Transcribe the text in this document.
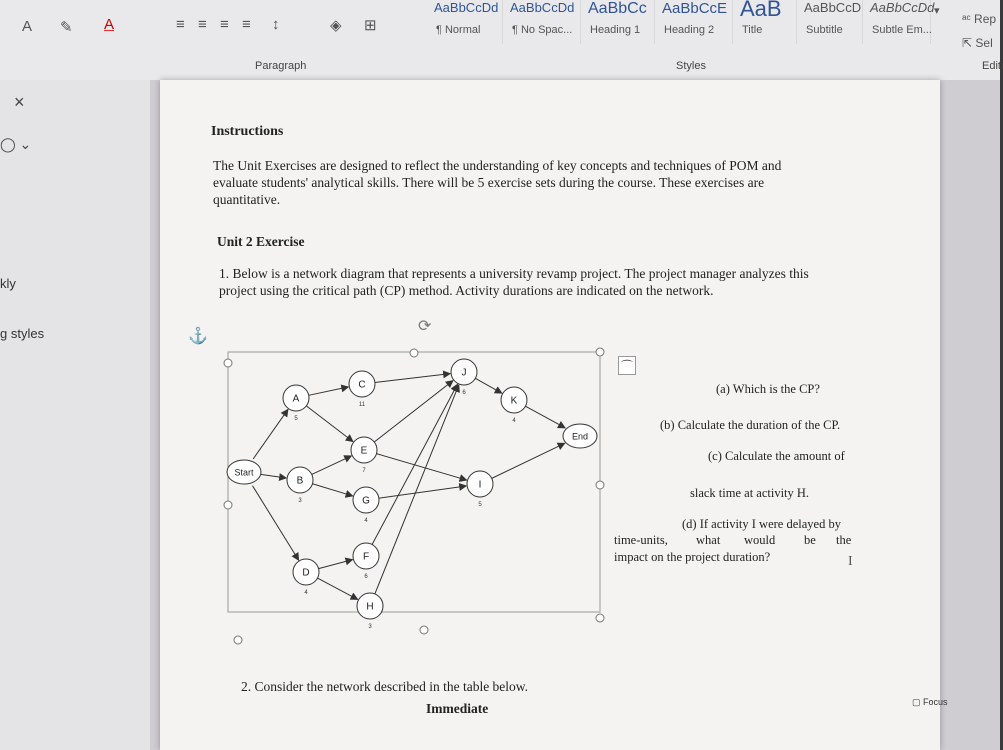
A ✎ A	≡ ≡ ≡ ≡ ↕	◈ ⊞
Paragraph	Styles	Editi
AaBbCcDd
¶ Normal
AaBbCcDd
¶ No Spac...
AaBbCc
Heading 1
AaBbCcE
Heading 2
AaB
Title
AaBbCcD
Subtitle
AaBbCcDd
Subtle Em...
▾
ᵃᶜ Rep
⇱ Sel
×
◯ ⌄
kly
g styles
Instructions
The Unit Exercises are designed to reflect the understanding of key concepts and techniques of POM and
evaluate students' analytical skills. There will be 5 exercise sets during the course. These exercises are
quantitative.
Unit 2 Exercise
1. Below is a network diagram that represents a university revamp project. The project manager analyzes this
project using the critical path (CP) method. Activity durations are indicated on the network.
(a) Which is the CP?
(b) Calculate the duration of the CP.
(c) Calculate the amount of
slack time at activity H.
(d) If activity I were delayed by
time-units, what would be the
impact on the project duration?	I
2. Consider the network described in the table below.
Immediate
Start
A
5
B
3
C
11
D
4
E
7
F
6
G
4
H
3
I
5
J
6
K
4
End
⟳
⌒
⚓
▢ Focus
